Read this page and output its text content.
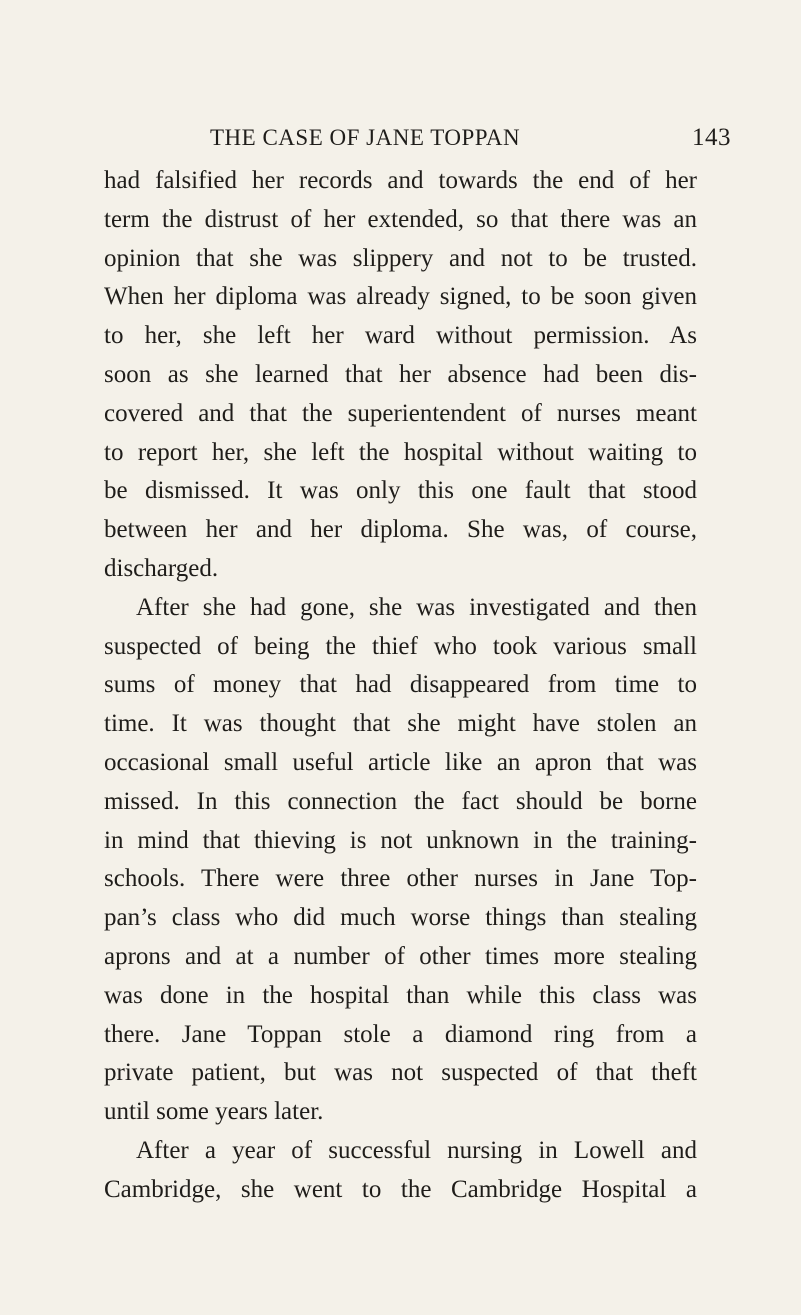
THE CASE OF JANE TOPPAN	143
had falsified her records and towards the end of her
term the distrust of her extended, so that there was an
opinion that she was slippery and not to be trusted.
When her diploma was already signed, to be soon given
to her, she left her ward without permission. As
soon as she learned that her absence had been dis-
covered and that the superientendent of nurses meant
to report her, she left the hospital without waiting to
be dismissed. It was only this one fault that stood
between her and her diploma. She was, of course,
discharged.
After she had gone, she was investigated and then
suspected of being the thief who took various small
sums of money that had disappeared from time to
time. It was thought that she might have stolen an
occasional small useful article like an apron that was
missed. In this connection the fact should be borne
in mind that thieving is not unknown in the training-
schools. There were three other nurses in Jane Top-
pan’s class who did much worse things than stealing
aprons and at a number of other times more stealing
was done in the hospital than while this class was
there. Jane Toppan stole a diamond ring from a
private patient, but was not suspected of that theft
until some years later.
After a year of successful nursing in Lowell and
Cambridge, she went to the Cambridge Hospital a
